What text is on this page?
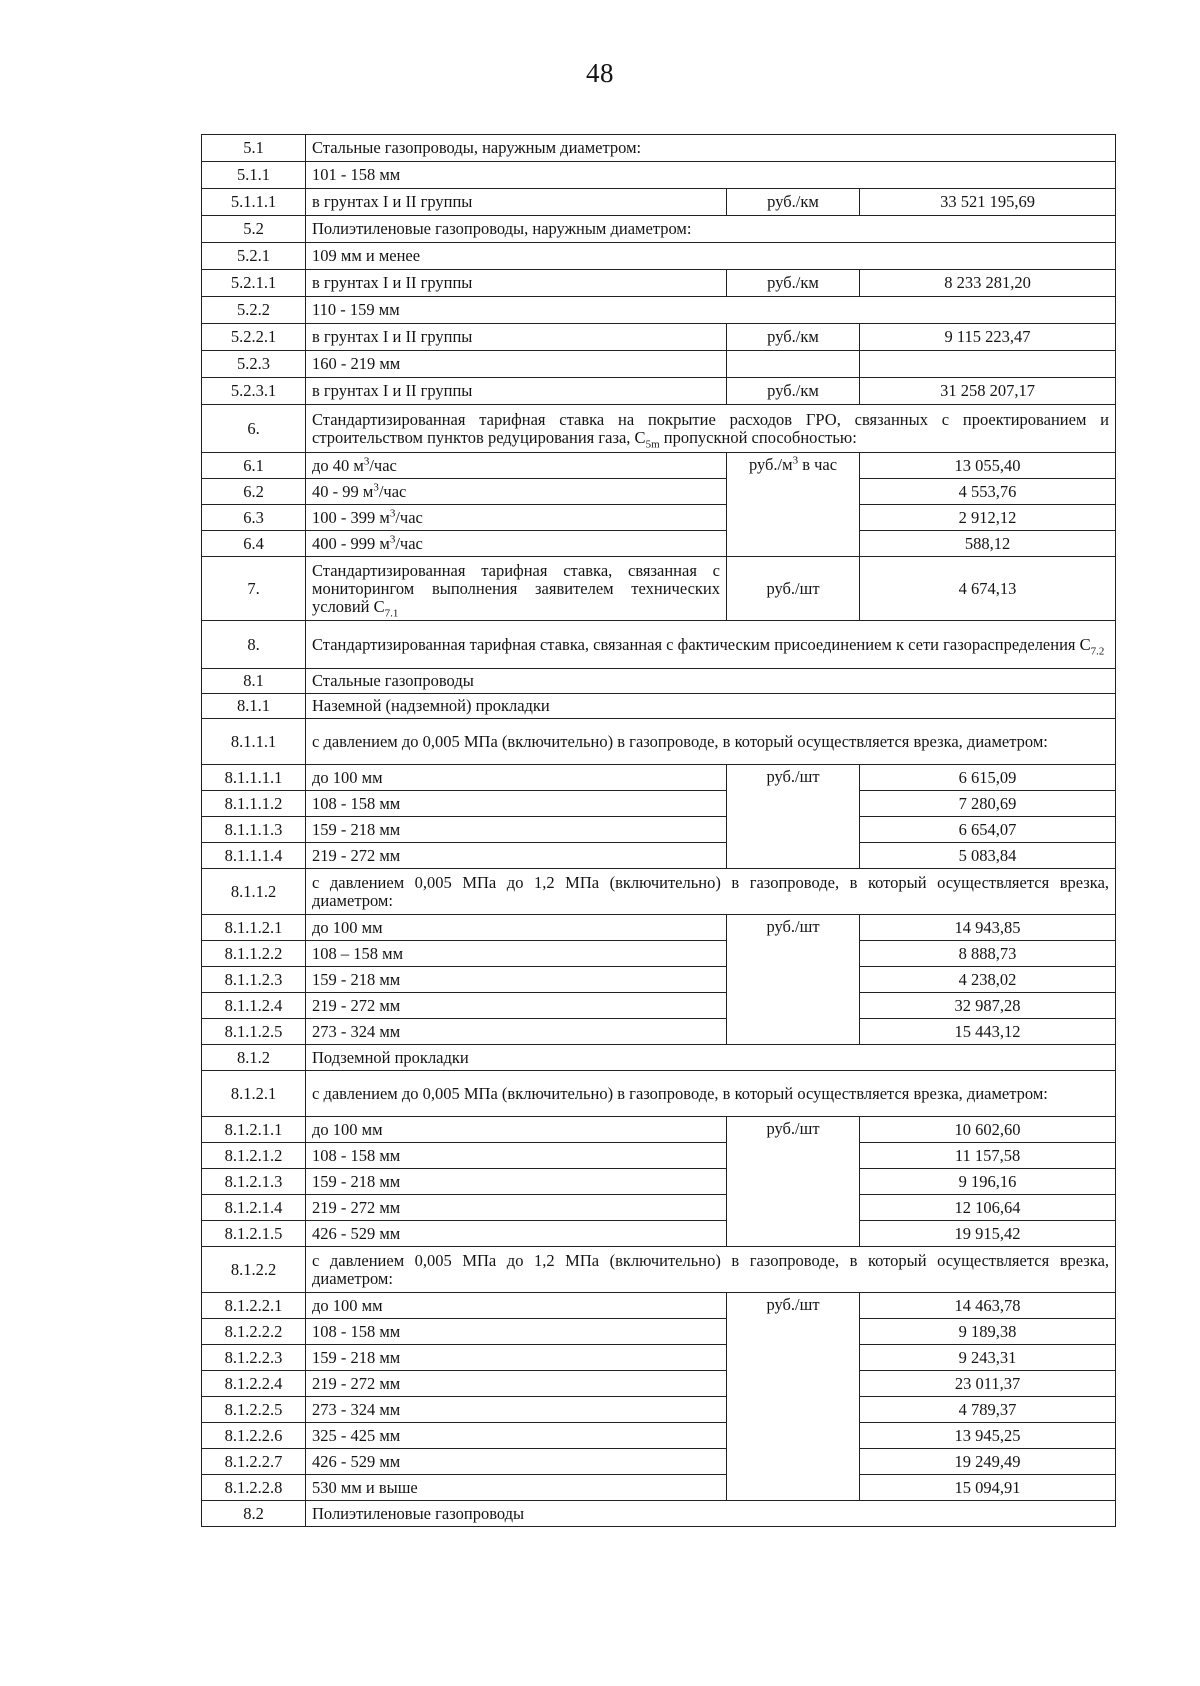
48
5.1	Стальные газопроводы, наружным диаметром:		
5.1.1	101 - 158 мм		
5.1.1.1	в грунтах I и II группы	руб./км	33 521 195,69
5.2	Полиэтиленовые газопроводы, наружным диаметром:		
5.2.1	109 мм и менее		
5.2.1.1	в грунтах I и II группы	руб./км	8 233 281,20
5.2.2	110 - 159 мм		
5.2.2.1	в грунтах I и II группы	руб./км	9 115 223,47
5.2.3	160 - 219 мм		
5.2.3.1	в грунтах I и II группы	руб./км	31 258 207,17
6.	Стандартизированная тарифная ставка на покрытие расходов ГРО, связанных с проектированием и строительством пунктов редуцирования газа, $С_{5m}$ пропускной способностью:		
6.1	до 40 $м^3$/час	$руб./м^3$ в час	13 055,40
6.2	40 - 99 $м^3$/час		4 553,76
6.3	100 - 399 $м^3$/час		2 912,12
6.4	400 - 999 $м^3$/час		588,12
7.	Стандартизированная тарифная ставка, связанная с мониторингом выполнения заявителем технических условий $С_{7.1}$	руб./шт	4 674,13
8.	Стандартизированная тарифная ставка, связанная с фактическим присоединением к сети газораспределения $С_{7.2}$
8.1	Стальные газопроводы		
8.1.1	Наземной (надземной) прокладки		
8.1.1.1	с давлением до 0,005 МПа (включительно) в газопроводе, в который осуществляется врезка, диаметром:		
8.1.1.1.1	до 100 мм	руб./шт	6 615,09
8.1.1.1.2	108 - 158 мм		7 280,69
8.1.1.1.3	159 - 218 мм		6 654,07
8.1.1.1.4	219 - 272 мм		5 083,84
8.1.1.2	с давлением 0,005 МПа до 1,2 МПа (включительно) в газопроводе, в который осуществляется врезка, диаметром:		
8.1.1.2.1	до 100 мм	руб./шт	14 943,85
8.1.1.2.2	108 – 158 мм		8 888,73
8.1.1.2.3	159 - 218 мм		4 238,02
8.1.1.2.4	219 - 272 мм		32 987,28
8.1.1.2.5	273 - 324 мм		15 443,12
8.1.2	Подземной прокладки		
8.1.2.1	с давлением до 0,005 МПа (включительно) в газопроводе, в который осуществляется врезка, диаметром:		
8.1.2.1.1	до 100 мм	руб./шт	10 602,60
8.1.2.1.2	108 - 158 мм		11 157,58
8.1.2.1.3	159 - 218 мм		9 196,16
8.1.2.1.4	219 - 272 мм		12 106,64
8.1.2.1.5	426 - 529 мм		19 915,42
8.1.2.2	с давлением 0,005 МПа до 1,2 МПа (включительно) в газопроводе, в который осуществляется врезка, диаметром:		
8.1.2.2.1	до 100 мм	руб./шт	14 463,78
8.1.2.2.2	108 - 158 мм		9 189,38
8.1.2.2.3	159 - 218 мм		9 243,31
8.1.2.2.4	219 - 272 мм		23 011,37
8.1.2.2.5	273 - 324 мм		4 789,37
8.1.2.2.6	325 - 425 мм		13 945,25
8.1.2.2.7	426 - 529 мм		19 249,49
8.1.2.2.8	530 мм и выше		15 094,91
8.2	Полиэтиленовые газопроводы		
